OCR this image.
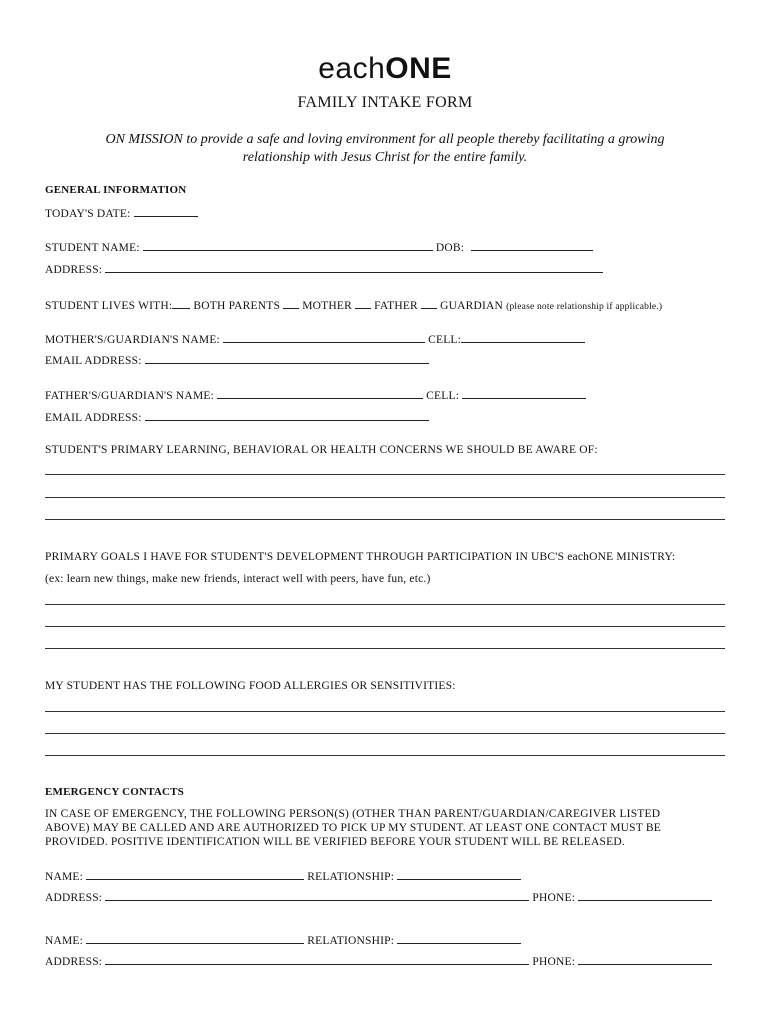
eachONE
FAMILY INTAKE FORM
ON MISSION to provide a safe and loving environment for all people thereby facilitating a growing
relationship with Jesus Christ for the entire family.
GENERAL INFORMATION
TODAY'S DATE:
STUDENT NAME:	DOB:
ADDRESS:
STUDENT LIVES WITH: BOTH PARENTS MOTHER FATHER GUARDIAN (please note relationship if applicable.)
MOTHER'S/GUARDIAN'S NAME:	CELL:
EMAIL ADDRESS:
FATHER'S/GUARDIAN'S NAME:	CELL:
EMAIL ADDRESS:
STUDENT'S PRIMARY LEARNING, BEHAVIORAL OR HEALTH CONCERNS WE SHOULD BE AWARE OF:
PRIMARY GOALS I HAVE FOR STUDENT'S DEVELOPMENT THROUGH PARTICIPATION IN UBC'S eachONE MINISTRY:
(ex: learn new things, make new friends, interact well with peers, have fun, etc.)
MY STUDENT HAS THE FOLLOWING FOOD ALLERGIES OR SENSITIVITIES:
EMERGENCY CONTACTS
IN CASE OF EMERGENCY, THE FOLLOWING PERSON(S) (OTHER THAN PARENT/GUARDIAN/CAREGIVER LISTED
ABOVE) MAY BE CALLED AND ARE AUTHORIZED TO PICK UP MY STUDENT. AT LEAST ONE CONTACT MUST BE
PROVIDED. POSITIVE IDENTIFICATION WILL BE VERIFIED BEFORE YOUR STUDENT WILL BE RELEASED.
NAME:	RELATIONSHIP:
ADDRESS:	PHONE:
NAME:	RELATIONSHIP:
ADDRESS:	PHONE:
